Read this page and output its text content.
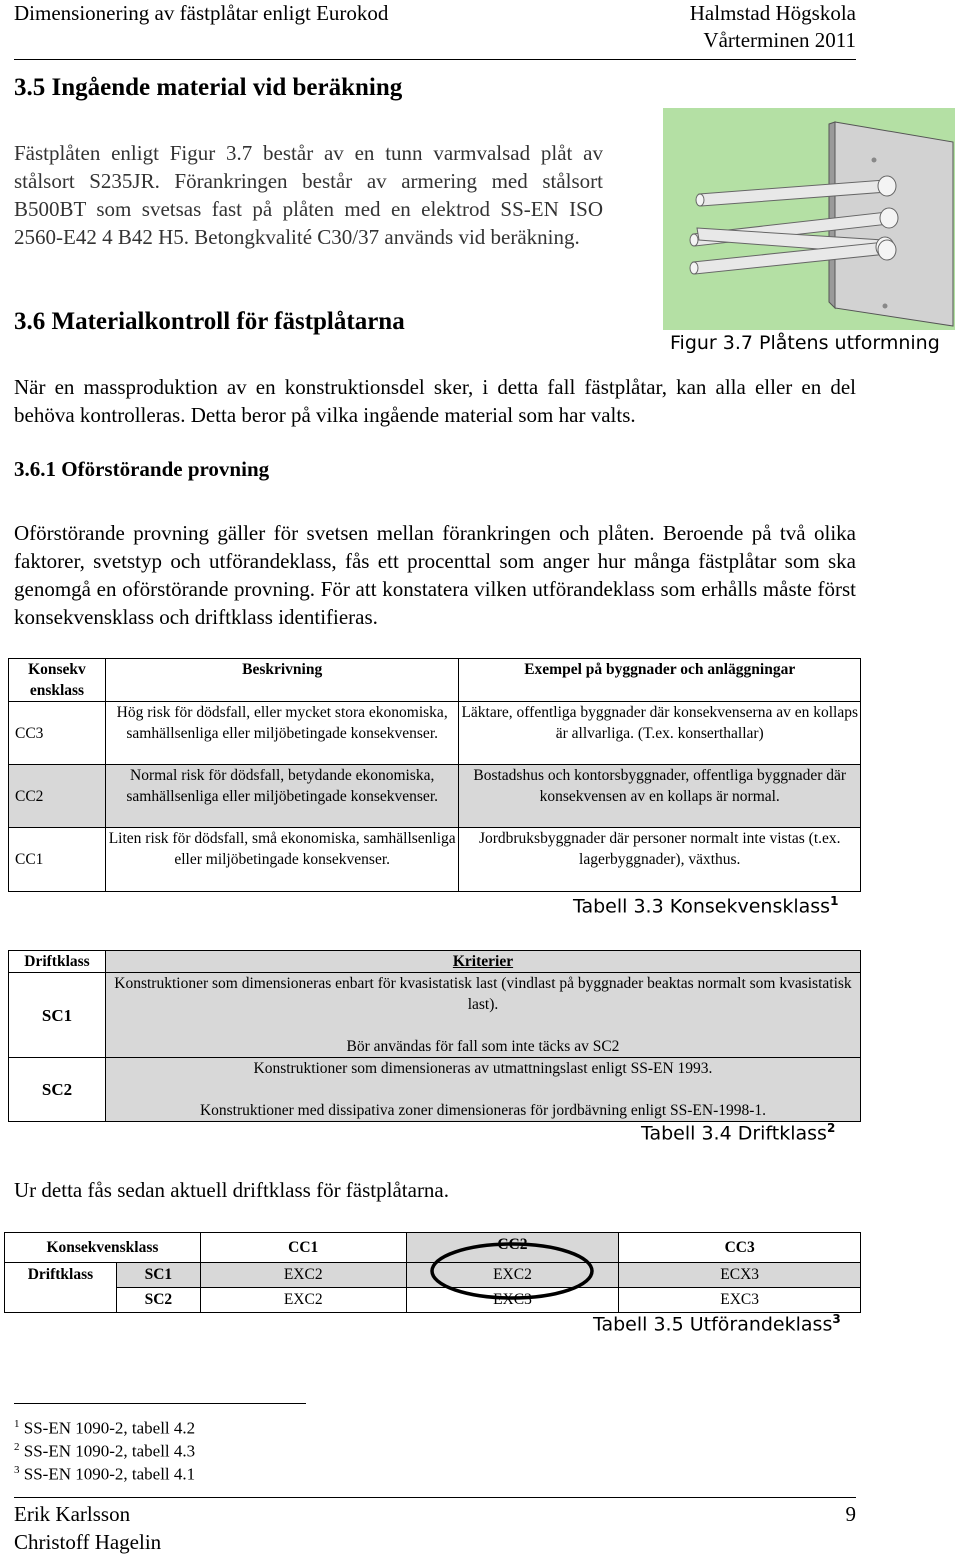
Dimensionering av fästplåtar enligt Eurokod	Halmstad Högskola
Vårterminen 2011
3.5 Ingående material vid beräkning

Fästplåten enligt Figur 3.7 består av en tunn varmvalsad plåt av stålsort S235JR. Förankringen består av armering med stålsort B500BT som svetsas fast på plåten med en elektrod SS-EN ISO 2560-E42 4 B42 H5. Betongkvalité C30/37 används vid beräkning.

Figur 3.7 Plåtens utformning
3.6 Materialkontroll för fästplåtarna

När en massproduktion av en konstruktionsdel sker, i detta fall fästplåtar, kan alla eller en del behöva kontrolleras. Detta beror på vilka ingående material som har valts.

3.6.1 Oförstörande provning

Oförstörande provning gäller för svetsen mellan förankringen och plåten. Beroende på två olika faktorer, svetstyp och utförandeklass, fås ett procenttal som anger hur många fästplåtar som ska genomgå en oförstörande provning. För att konstatera vilken utförandeklass som erhålls måste först konsekvensklass och driftklass identifieras.

Konsekv ensklass	Beskrivning	Exempel på byggnader och anläggningar
CC3	Hög risk för dödsfall, eller mycket stora ekonomiska, samhällsenliga eller miljöbetingade konsekvenser.	Läktare, offentliga byggnader där konsekvenserna av en kollaps är allvarliga. (T.ex. konserthallar)
CC2	Normal risk för dödsfall, betydande ekonomiska, samhällsenliga eller miljöbetingade konsekvenser.	Bostadshus och kontorsbyggnader, offentliga byggnader där konsekvensen av en kollaps är normal.
CC1	Liten risk för dödsfall, små ekonomiska, samhällsenliga eller miljöbetingade konsekvenser.	Jordbruksbyggnader där personer normalt inte vistas (t.ex. lagerbyggnader), växthus.
Tabell 3.3 Konsekvensklass$^1$
Driftklass	Kriterier
SC1	Konstruktioner som dimensioneras enbart för kvasistatisk last (vindlast på byggnader beaktas normalt som kvasistatisk last).
Bör användas för fall som inte täcks av SC2

SC2	Konstruktioner som dimensioneras av utmattningslast enligt SS-EN 1993.
Konstruktioner med dissipativa zoner dimensioneras för jordbävning enligt SS-EN-1998-1.
Tabell 3.4 Driftklass$^2$
Ur detta fås sedan aktuell driftklass för fästplåtarna.
Konsekvensklass		CC1	CC2	CC3
Driftklass	SC1	EXC2	EXC2	ECX3
	SC2	EXC2	EXC3	EXC3
Tabell 3.5 Utförandeklass$^3$
$^1$ SS-EN 1090-2, tabell 4.2
$^2$ SS-EN 1090-2, tabell 4.3
$^3$ SS-EN 1090-2, tabell 4.1
Erik Karlsson
Christoff Hagelin
9
